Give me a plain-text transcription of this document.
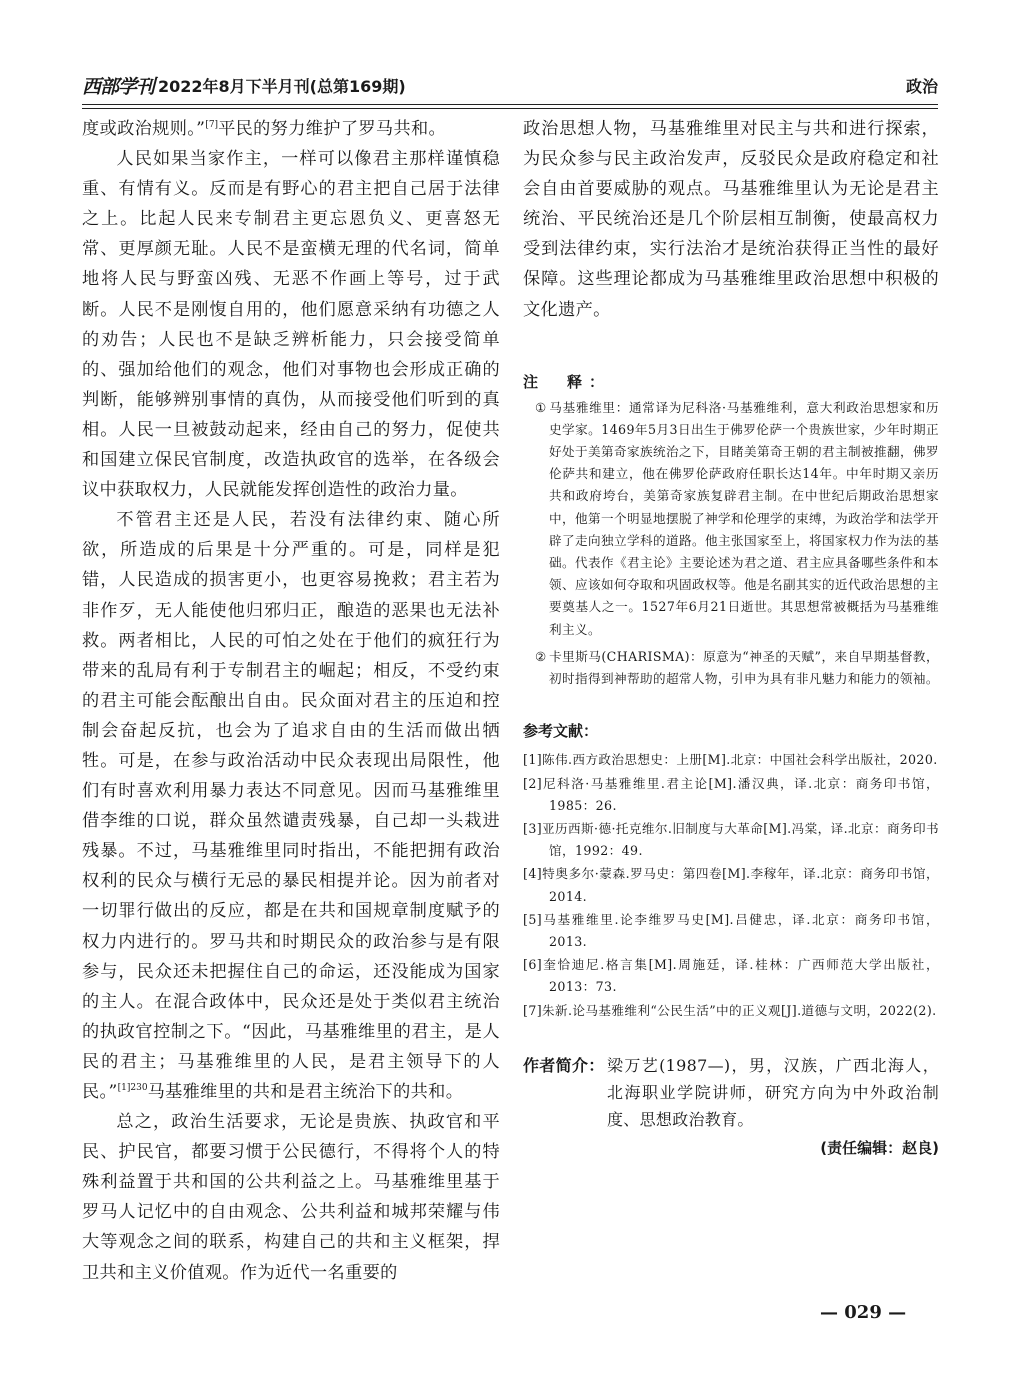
西部学刊 2022年8月下半月刊(总第169期)	政治

度或政治规则。”[7]平民的努力维护了罗马共和。

人民如果当家作主，一样可以像君主那样谨慎稳重、有情有义。反而是有野心的君主把自己居于法律之上。比起人民来专制君主更忘恩负义、更喜怒无常、更厚颜无耻。人民不是蛮横无理的代名词，简单地将人民与野蛮凶残、无恶不作画上等号，过于武断。人民不是刚愎自用的，他们愿意采纳有功德之人的劝告；人民也不是缺乏辨析能力，只会接受简单的、强加给他们的观念，他们对事物也会形成正确的判断，能够辨别事情的真伪，从而接受他们听到的真相。人民一旦被鼓动起来，经由自己的努力，促使共和国建立保民官制度，改造执政官的选举，在各级会议中获取权力，人民就能发挥创造性的政治力量。

不管君主还是人民，若没有法律约束、随心所欲，所造成的后果是十分严重的。可是，同样是犯错，人民造成的损害更小，也更容易挽救；君主若为非作歹，无人能使他归邪归正，酿造的恶果也无法补救。两者相比，人民的可怕之处在于他们的疯狂行为带来的乱局有利于专制君主的崛起；相反，不受约束的君主可能会酝酿出自由。民众面对君主的压迫和控制会奋起反抗，也会为了追求自由的生活而做出牺牲。可是，在参与政治活动中民众表现出局限性，他们有时喜欢利用暴力表达不同意见。因而马基雅维里借李维的口说，群众虽然谴责残暴，自己却一头栽进残暴。不过，马基雅维里同时指出，不能把拥有政治权利的民众与横行无忌的暴民相提并论。因为前者对一切罪行做出的反应，都是在共和国规章制度赋予的权力内进行的。罗马共和时期民众的政治参与是有限参与，民众还未把握住自己的命运，还没能成为国家的主人。在混合政体中，民众还是处于类似君主统治的执政官控制之下。“因此，马基雅维里的君主，是人民的君主；马基雅维里的人民，是君主领导下的人民。”$^{[1]230}$马基雅维里的共和是君主统治下的共和。

总之，政治生活要求，无论是贵族、执政官和平民、护民官，都要习惯于公民德行，不得将个人的特殊利益置于共和国的公共利益之上。马基雅维里基于罗马人记忆中的自由观念、公共利益和城邦荣耀与伟大等观念之间的联系，构建自己的共和主义框架，捍卫共和主义价值观。作为近代一名重要的

政治思想人物，马基雅维里对民主与共和进行探索，为民众参与民主政治发声，反驳民众是政府稳定和社会自由首要威胁的观点。马基雅维里认为无论是君主统治、平民统治还是几个阶层相互制衡，使最高权力受到法律约束，实行法治才是统治获得正当性的最好保障。这些理论都成为马基雅维里政治思想中积极的文化遗产。

注　释：

① 马基雅维里：通常译为尼科洛·马基雅维利，意大利政治思想家和历史学家。1469年5月3日出生于佛罗伦萨一个贵族世家，少年时期正好处于美第奇家族统治之下，目睹美第奇王朝的君主制被推翻，佛罗伦萨共和建立，他在佛罗伦萨政府任职长达14年。中年时期又亲历共和政府垮台，美第奇家族复辟君主制。在中世纪后期政治思想家中，他第一个明显地摆脱了神学和伦理学的束缚，为政治学和法学开辟了走向独立学科的道路。他主张国家至上，将国家权力作为法的基础。代表作《君主论》主要论述为君之道、君主应具备哪些条件和本领、应该如何夺取和巩固政权等。他是名副其实的近代政治思想的主要奠基人之一。1527年6月21日逝世。其思想常被概括为马基雅维利主义。

② 卡里斯马(CHARISMA)：原意为“神圣的天赋”，来自早期基督教，初时指得到神帮助的超常人物，引申为具有非凡魅力和能力的领袖。

参考文献：

[1]陈伟.西方政治思想史：上册[M].北京：中国社会科学出版社，2020.

[2]尼科洛·马基雅维里.君主论[M].潘汉典，译.北京：商务印书馆，1985：26.

[3]亚历西斯·德·托克维尔.旧制度与大革命[M].冯棠，译.北京：商务印书馆，1992：49.

[4]特奥多尔·蒙森.罗马史：第四卷[M].李稼年，译.北京：商务印书馆，2014.

[5]马基雅维里.论李维罗马史[M].吕健忠，译.北京：商务印书馆，2013.

[6]奎恰迪尼.格言集[M].周施廷，译.桂林：广西师范大学出版社，2013：73.

[7]朱新.论马基雅维利“公民生活”中的正义观[J].道德与文明，2022(2).

作者简介： 梁万艺(1987—)，男，汉族，广西北海人，北海职业学院讲师，研究方向为中外政治制度、思想政治教育。

(责任编辑：赵良)
— 029 —
